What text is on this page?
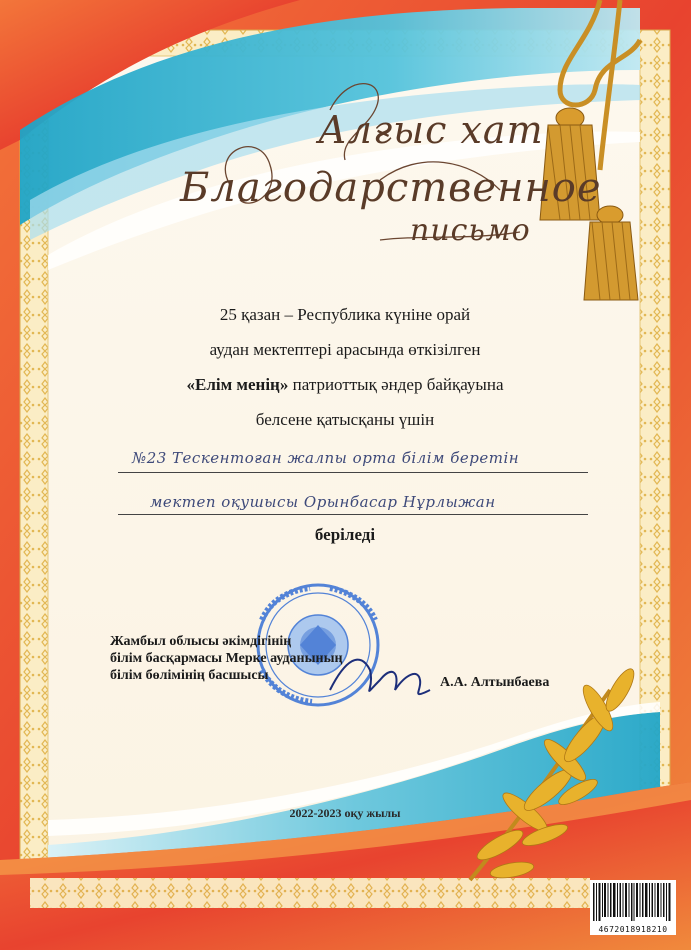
Алғыс хат
Благодарственное
письмо
25 қазан – Республика күніне орай
аудан мектептері арасында өткізілген
«Елім менің» патриоттық әндер байқауына
белсене қатысқаны үшін
№23 Тескентоған жалпы орта білім беретін
мектеп оқушысы Орынбасар Нұрлыжан
беріледі
Жамбыл облысы әкімдігінің
білім басқармасы Мерке ауданының
білім бөлімінің басшысы	А.А. Алтынбаева
2022-2023 оқу жылы
4672018918210
